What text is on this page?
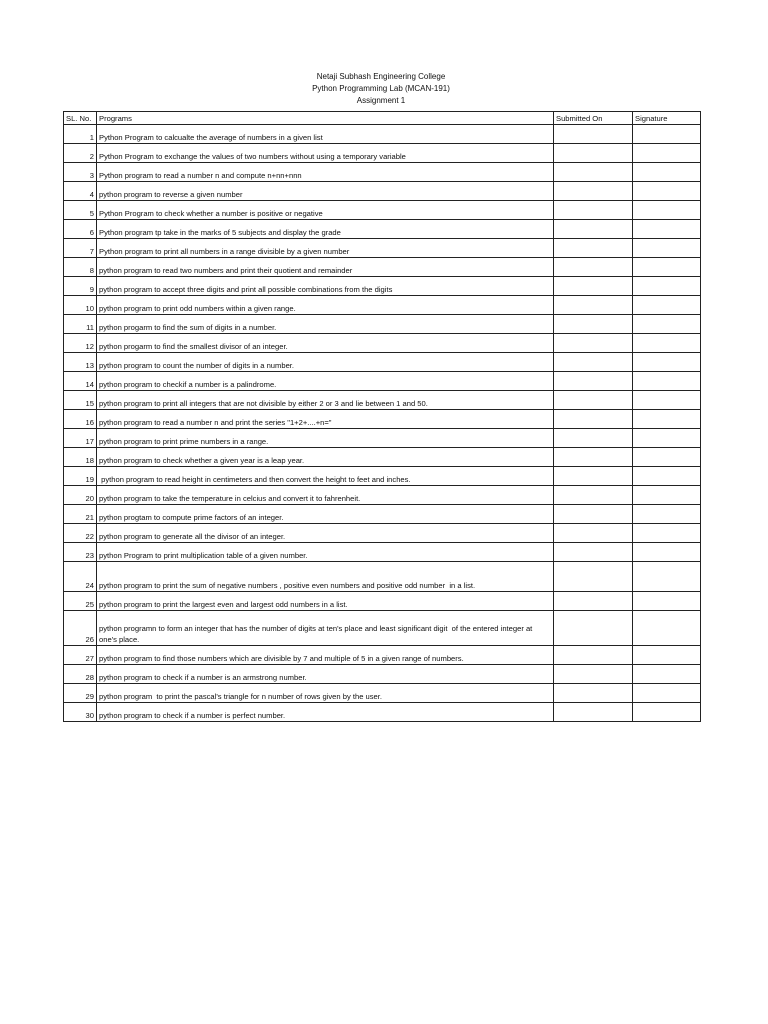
Netaji Subhash Engineering College
Python Programming Lab (MCAN-191)
Assignment 1
SL. No.	Programs	Submitted On	Signature
1	Python Program to calcualte the average of numbers in a given list		
2	Python Program to exchange the values of two numbers without using a temporary variable		
3	Python program to read a number n and compute n+nn+nnn		
4	python program to reverse a given number		
5	Python Program to check whether a number is positive or negative		
6	Python program tp take in the marks of 5 subjects and display the grade		
7	Python program to print all numbers in a range divisible by a given number		
8	python program to read two numbers and print their quotient and remainder		
9	python program to accept three digits and print all possible combinations from the digits		
10	python program to print odd numbers within a given range.		
11	python progarm to find the sum of digits in a number.		
12	python progarm to find the smallest divisor of an integer.		
13	python program to count the number of digits in a number.		
14	python program to checkif a number is a palindrome.		
15	python program to print all integers that are not divisible by either 2 or 3 and lie between 1 and 50.		
16	python program to read a number n and print the series "1+2+....+n="		
17	python program to print prime numbers in a range.		
18	python program to check whether a given year is a leap year.		
19	python program to read height in centimeters and then convert the height to feet and inches.		
20	python program to take the temperature in celcius and convert it to fahrenheit.		
21	python progtam to compute prime factors of an integer.		
22	python program to generate all the divisor of an integer.		
23	python Program to print multiplication table of a given number.		
24	python program to print the sum of negative numbers , positive even numbers and positive odd number  in a list.		
25	python program to print the largest even and largest odd numbers in a list.		
26	python programn to form an integer that has the number of digits at ten's place and least significant digit  of the entered integer at one's place.		
27	python program to find those numbers which are divisible by 7 and multiple of 5 in a given range of numbers.		
28	python program to check if a number is an armstrong number.		
29	python program  to print the pascal's triangle for n number of rows given by the user.		
30	python program to check if a number is perfect number.		
